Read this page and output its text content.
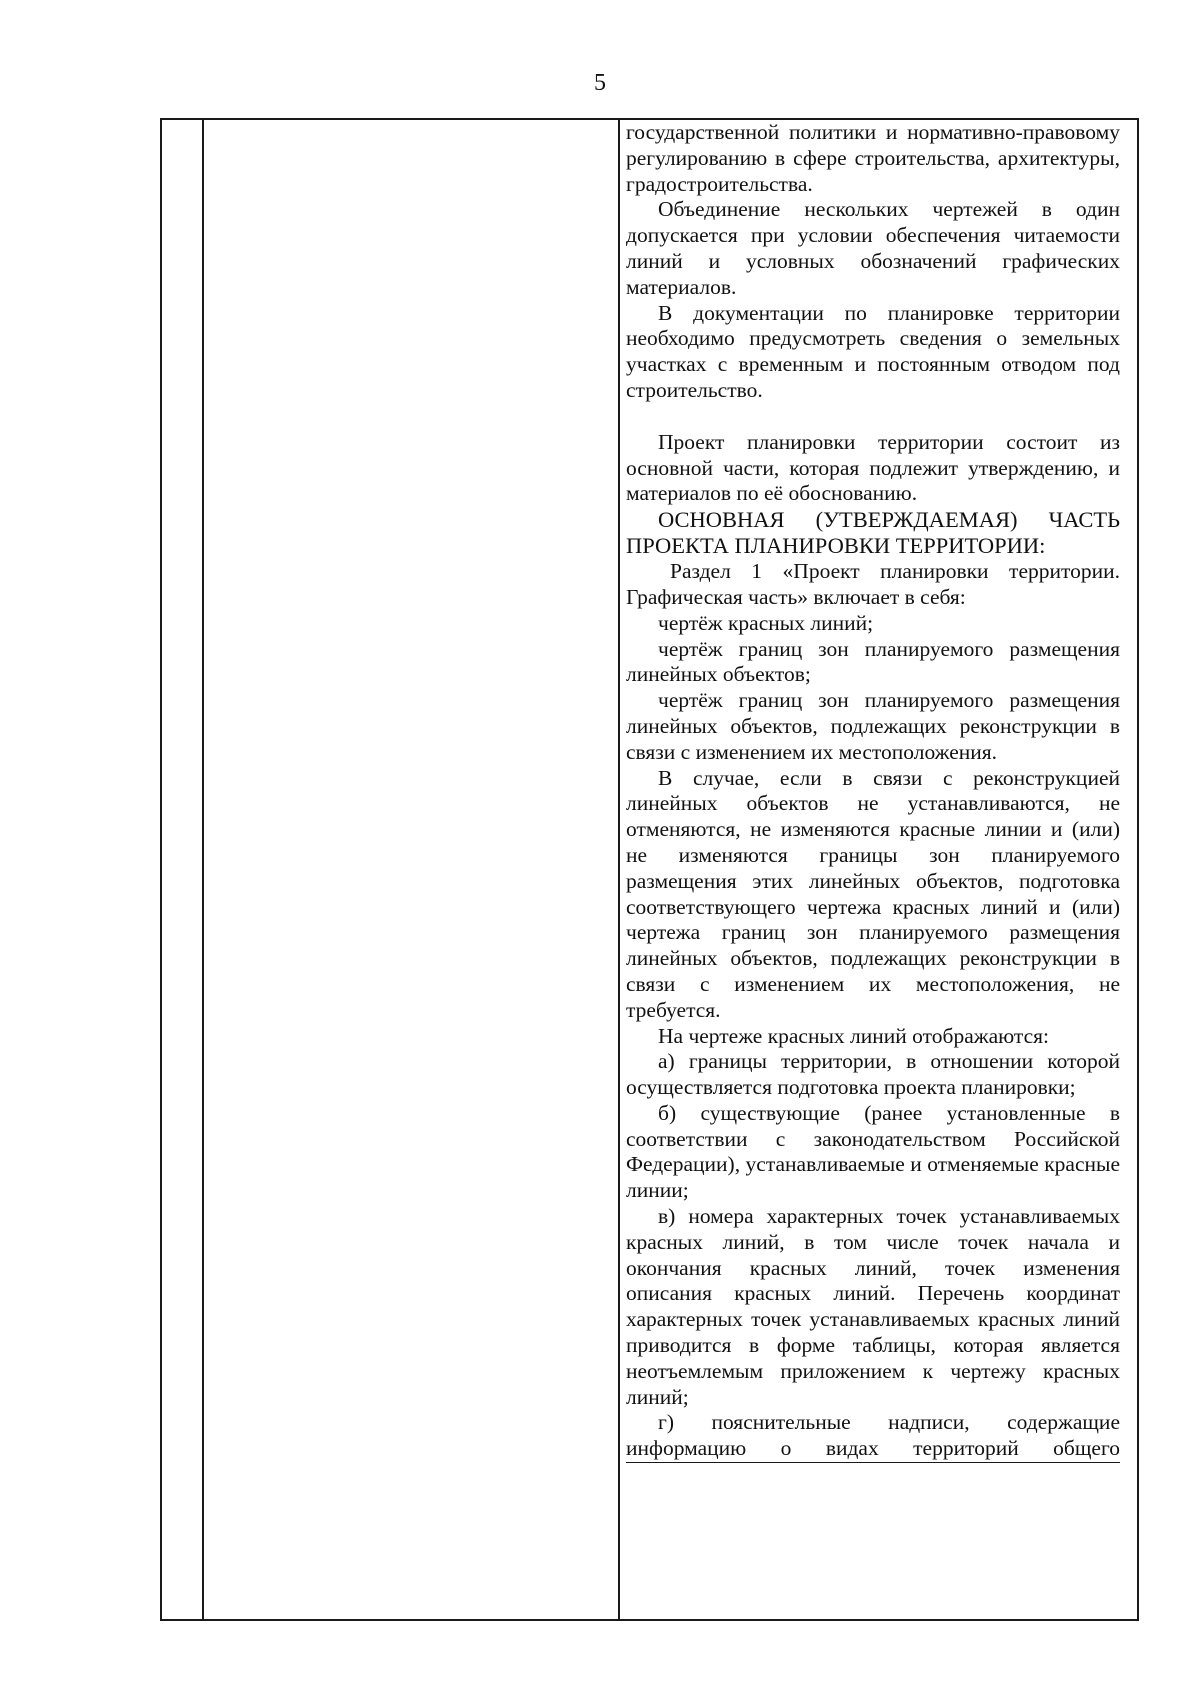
5

государственной политики и нормативно-правовому регулированию в сфере строительства, архитектуры, градостроительства.

Объединение нескольких чертежей в один допускается при условии обеспечения читаемости линий и условных обозначений графических материалов.

В документации по планировке территории необходимо предусмотреть сведения о земельных участках с временным и постоянным отводом под строительство.

Проект планировки территории состоит из основной части, которая подлежит утверждению, и материалов по её обоснованию.

ОСНОВНАЯ (УТВЕРЖДАЕМАЯ) ЧАСТЬ ПРОЕКТА ПЛАНИРОВКИ ТЕРРИТОРИИ:

Раздел 1 «Проект планировки территории. Графическая часть» включает в себя:

чертёж красных линий;

чертёж границ зон планируемого размещения линейных объектов;

чертёж границ зон планируемого размещения линейных объектов, подлежащих реконструкции в связи с изменением их местоположения.

В случае, если в связи с реконструкцией линейных объектов не устанавливаются, не отменяются, не изменяются красные линии и (или) не изменяются границы зон планируемого размещения этих линейных объектов, подготовка соответствующего чертежа красных линий и (или) чертежа границ зон планируемого размещения линейных объектов, подлежащих реконструкции в связи с изменением их местоположения, не требуется.

На чертеже красных линий отображаются:

а) границы территории, в отношении которой осуществляется подготовка проекта планировки;

б) существующие (ранее установленные в соответствии с законодательством Российской Федерации), устанавливаемые и отменяемые красные линии;

в) номера характерных точек устанавливаемых красных линий, в том числе точек начала и окончания красных линий, точек изменения описания красных линий. Перечень координат характерных точек устанавливаемых красных линий приводится в форме таблицы, которая является неотъемлемым приложением к чертежу красных линий;

г) пояснительные надписи, содержащие информацию о видах территорий общего
